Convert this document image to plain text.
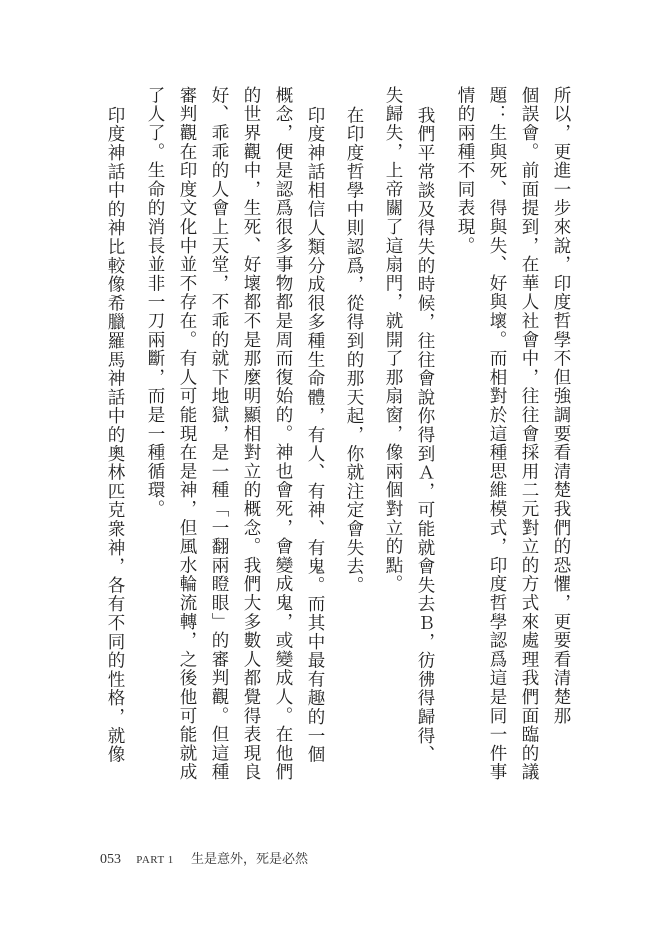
所以，更進一步來說，印度哲學不但強調要看清楚我們的恐懼，更要看清楚那
個誤會。前面提到，在華人社會中，往往會採用二元對立的方式來處理我們面臨的議
題：生與死、得與失、好與壞。而相對於這種思維模式，印度哲學認爲這是同一件事
情的兩種不同表現。
我們平常談及得失的時候，往往會說你得到Ａ，可能就會失去Ｂ，彷彿得歸得、
失歸失，上帝關了這扇門，就開了那扇窗，像兩個對立的點。
在印度哲學中則認爲，從得到的那天起，你就注定會失去。
印度神話相信人類分成很多種生命體，有人、有神、有鬼。而其中最有趣的一個
概念，便是認爲很多事物都是周而復始的。神也會死，會變成鬼，或變成人。在他們
的世界觀中，生死、好壞都不是那麼明顯相對立的概念。我們大多數人都覺得表現良
好、乖乖的人會上天堂，不乖的就下地獄，是一種「一翻兩瞪眼」的審判觀。但這種
審判觀在印度文化中並不存在。有人可能現在是神，但風水輪流轉，之後他可能就成
了人了。生命的消長並非一刀兩斷，而是一種循環。
印度神話中的神比較像希臘羅馬神話中的奧林匹克衆神，各有不同的性格，就像
053 PART 1 生是意外，死是必然
